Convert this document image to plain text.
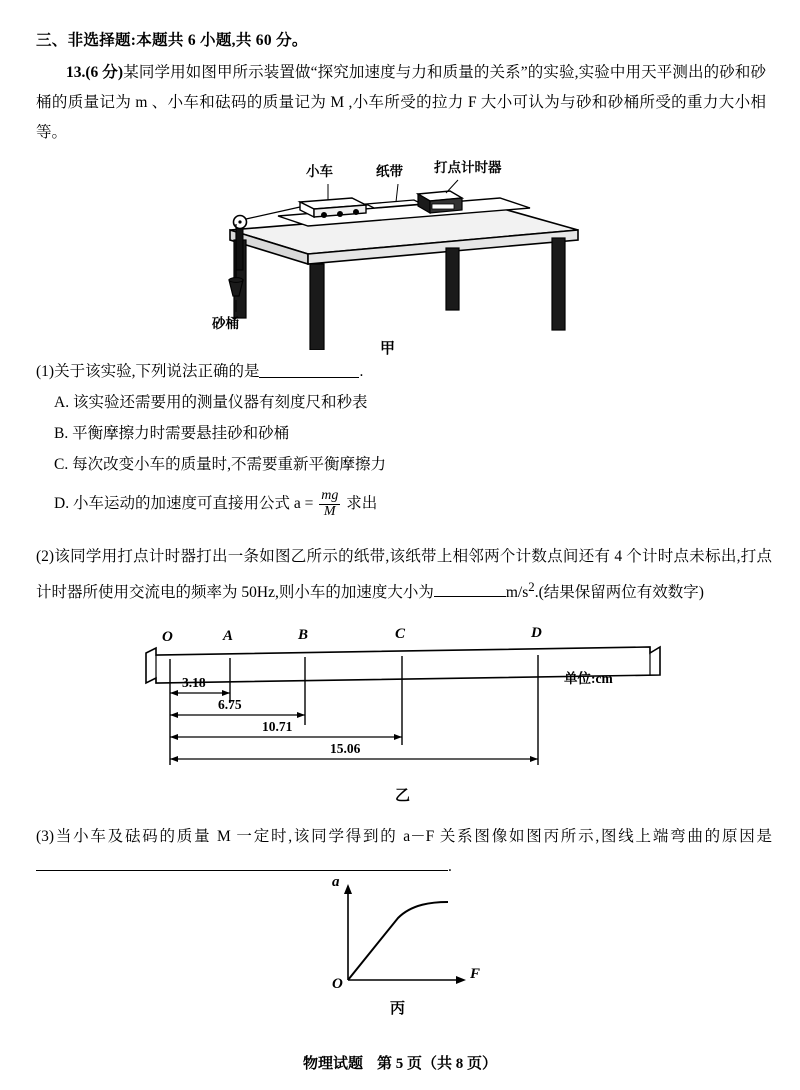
三、非选择题:本题共 6 小题,共 60 分。
13.(6 分)某同学用如图甲所示装置做“探究加速度与力和质量的关系”的实验,实验中用天平测出的砂和砂桶的质量记为 m 、小车和砝码的质量记为 M ,小车所受的拉力 F 大小可认为与砂和砂桶所受的重力大小相等。
小车	纸带 打点计时器
砂桶
甲
(1)关于该实验,下列说法正确的是	.
A. 该实验还需要用的测量仪器有刻度尺和秒表
B. 平衡摩擦力时需要悬挂砂和砂桶
C. 每次改变小车的质量时,不需要重新平衡摩擦力
D. 小车运动的加速度可直接用公式 $a = \frac{mg}{M}$ 求出
(2)该同学用打点计时器打出一条如图乙所示的纸带,该纸带上相邻两个计数点间还有 4 个计时点未标出,打点计时器所使用交流电的频率为 50Hz,则小车的加速度大小为	$m/s^2$.(结果保留两位有效数字)
O	A	B	C	D
单位:cm
3.18
6.75
10.71
15.06
乙
(3)当小车及砝码的质量 M 一定时,该同学得到的 a－F 关系图像如图丙所示,图线上端弯曲的原因是.
a
F
O
丙
物理试题 第 5 页（共 8 页）
